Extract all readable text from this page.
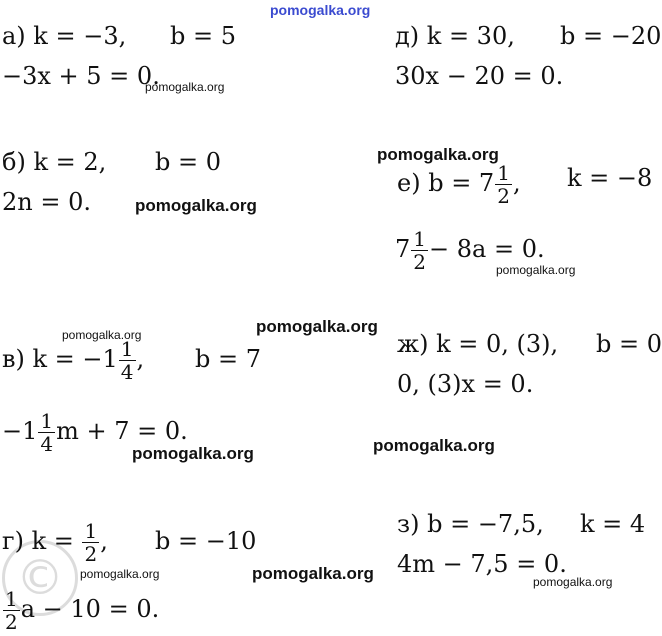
©
pomogalka.org
а) k = −3, b = 5
−3x + 5 = 0.
pomogalka.org
д) k = 30, b = −20
30x − 20 = 0.
б) k = 2, b = 0
2n = 0.	pomogalka.org
pomogalka.org
е) $b = 7 \frac{1}{2}$ , k = −8
$7 \frac{1}{2} - 8a = 0$.
pomogalka.org
pomogalka.org	pomogalka.org
в) $k = -1 \frac{1}{4}$ , b = 7
$-1 \frac{1}{4}$ m + 7 = 0.
pomogalka.org
ж) k = 0, (3), b = 0
0, (3)x = 0.
pomogalka.org
г) $k = \frac{1}{2}$ , b = −10
pomogalka.org
$\frac{1}{2}$ a − 10 = 0.
pomogalka.org
з) b = −7,5, k = 4
4m − 7,5 = 0.
pomogalka.org
